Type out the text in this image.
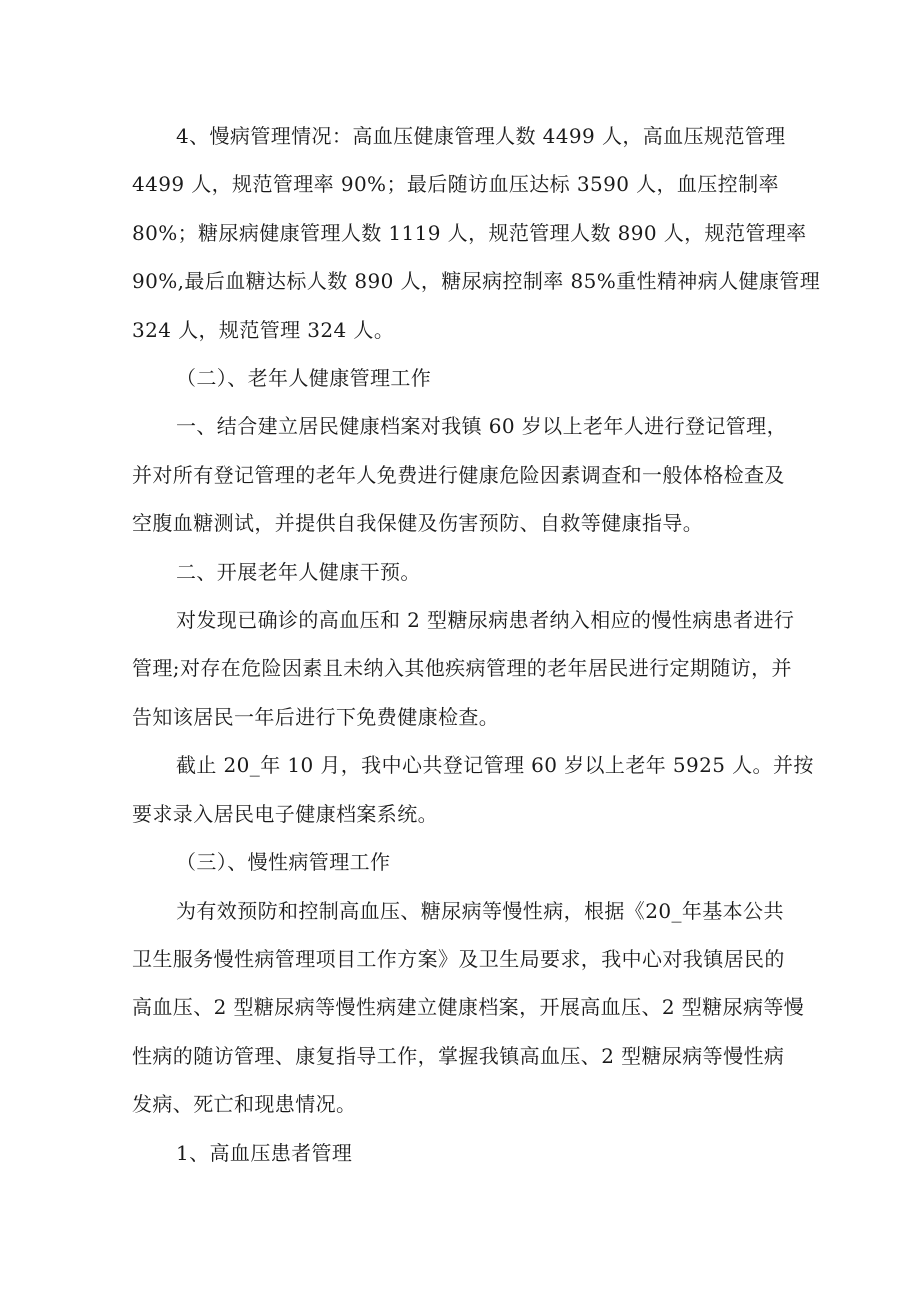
4、慢病管理情况：高血压健康管理人数 4499 人，高血压规范管理
4499 人，规范管理率 90%；最后随访血压达标 3590 人，血压控制率
80%；糖尿病健康管理人数 1119 人，规范管理人数 890 人，规范管理率
90%,最后血糖达标人数 890 人，糖尿病控制率 85%重性精神病人健康管理
324 人，规范管理 324 人。

（二）、老年人健康管理工作

一、结合建立居民健康档案对我镇 60 岁以上老年人进行登记管理，
并对所有登记管理的老年人免费进行健康危险因素调查和一般体格检查及
空腹血糖测试，并提供自我保健及伤害预防、自救等健康指导。

二、开展老年人健康干预。

对发现已确诊的高血压和 2 型糖尿病患者纳入相应的慢性病患者进行
管理;对存在危险因素且未纳入其他疾病管理的老年居民进行定期随访，并
告知该居民一年后进行下免费健康检查。

截止 20_年 10 月，我中心共登记管理 60 岁以上老年 5925 人。并按
要求录入居民电子健康档案系统。

（三）、慢性病管理工作

为有效预防和控制高血压、糖尿病等慢性病，根据《20_年基本公共
卫生服务慢性病管理项目工作方案》及卫生局要求，我中心对我镇居民的
高血压、2 型糖尿病等慢性病建立健康档案，开展高血压、2 型糖尿病等慢
性病的随访管理、康复指导工作，掌握我镇高血压、2 型糖尿病等慢性病
发病、死亡和现患情况。

1、高血压患者管理
